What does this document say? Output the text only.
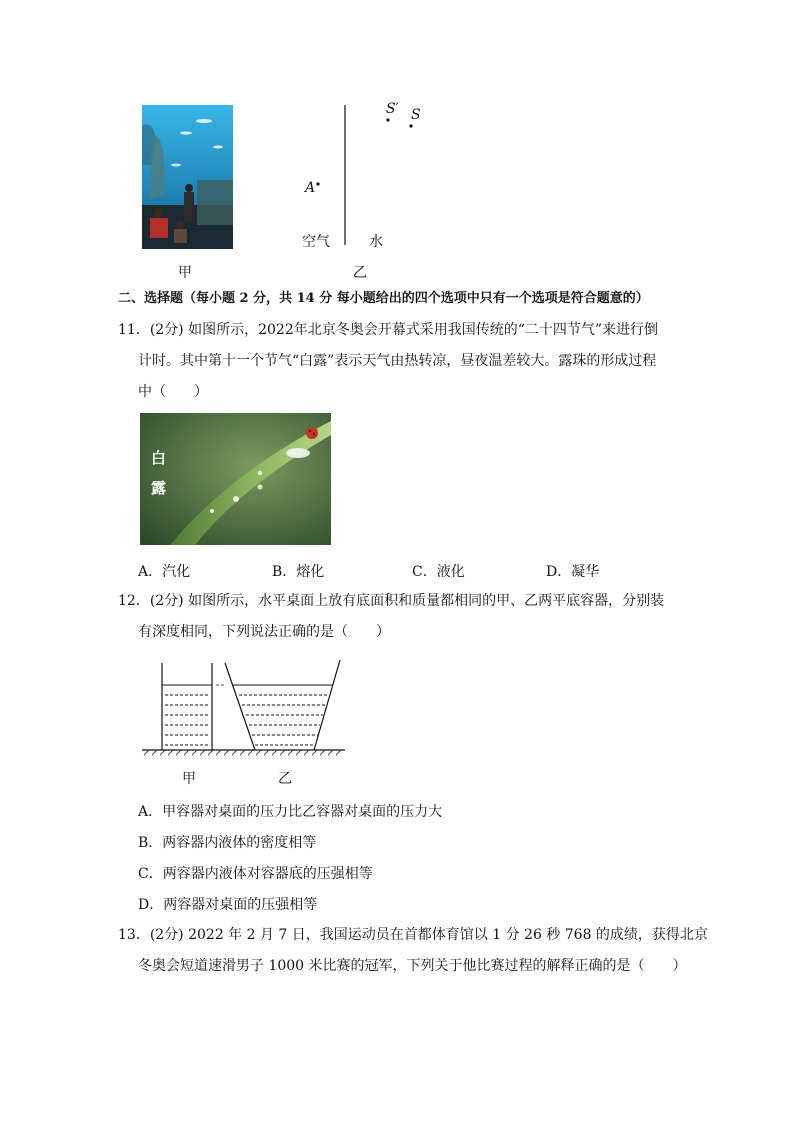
甲
S′ S
A
空气	水
乙
二、选择题（每小题 2 分，共 14 分 每小题给出的四个选项中只有一个选项是符合题意的）
11．(2分) 如图所示，2022年北京冬奥会开幕式采用我国传统的“二十四节气”来进行倒
计时。其中第十一个节气“白露”表示天气由热转凉，昼夜温差较大。露珠的形成过程
中（　　）
白
露
A．汽化	B．熔化	C．液化	D．凝华
12．(2分) 如图所示，水平桌面上放有底面积和质量都相同的甲、乙两平底容器，分别装
有深度相同，下列说法正确的是（　　）
甲	乙
A．甲容器对桌面的压力比乙容器对桌面的压力大
B．两容器内液体的密度相等
C．两容器内液体对容器底的压强相等
D．两容器对桌面的压强相等
13．(2分) 2022 年 2 月 7 日，我国运动员在首都体育馆以 1 分 26 秒 768 的成绩，获得北京
冬奥会短道速滑男子 1000 米比赛的冠军，下列关于他比赛过程的解释正确的是（　　）
